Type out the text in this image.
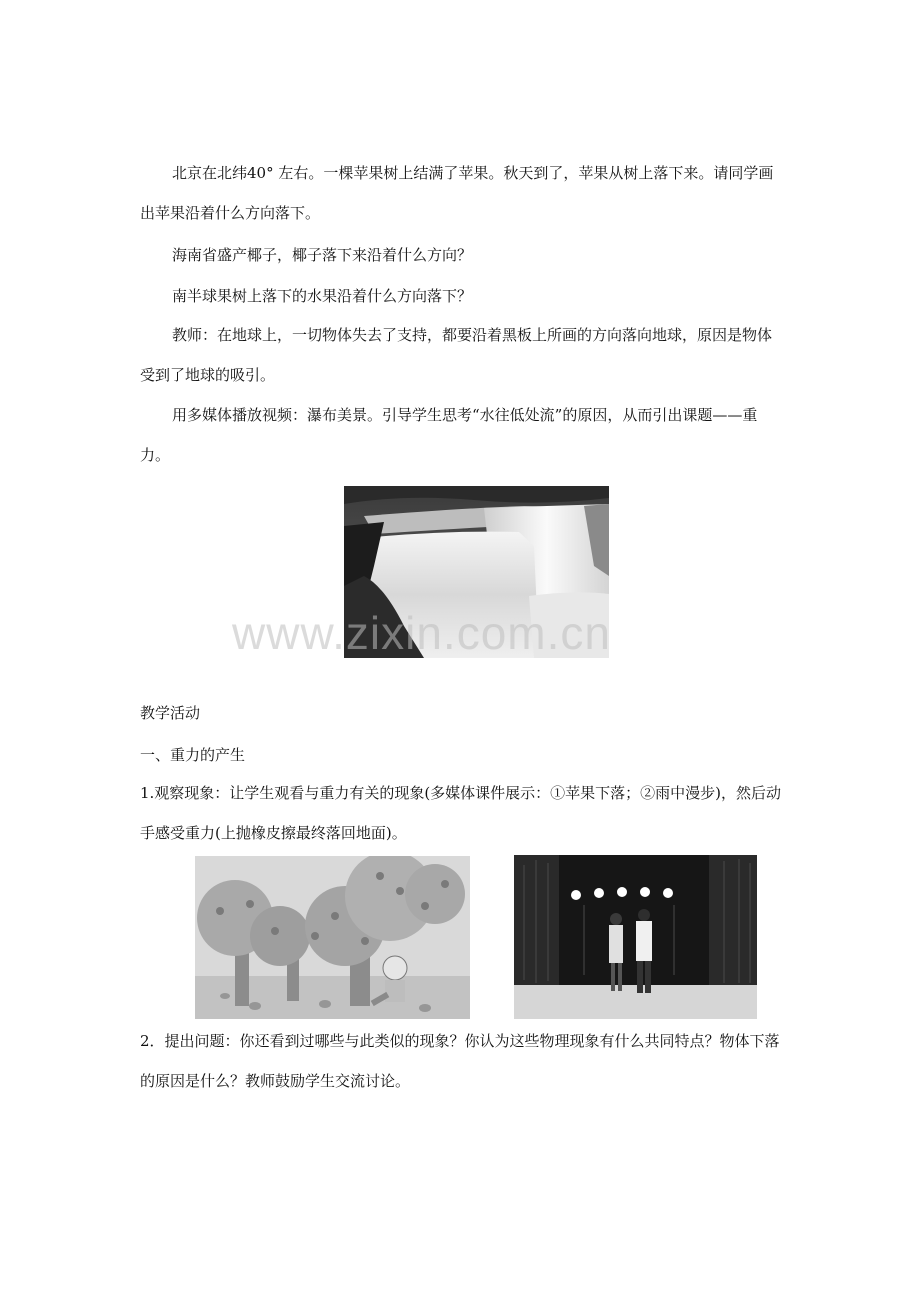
北京在北纬40° 左右。一棵苹果树上结满了苹果。秋天到了，苹果从树上落下来。请同学画出苹果沿着什么方向落下。

海南省盛产椰子，椰子落下来沿着什么方向？

南半球果树上落下的水果沿着什么方向落下？

教师：在地球上，一切物体失去了支持，都要沿着黑板上所画的方向落向地球，原因是物体受到了地球的吸引。

用多媒体播放视频：瀑布美景。引导学生思考“水往低处流”的原因，从而引出课题——重力。

www.zixin.com.cn

教学活动

一、重力的产生

1.观察现象：让学生观看与重力有关的现象(多媒体课件展示：①苹果下落；②雨中漫步)，然后动手感受重力(上抛橡皮擦最终落回地面)。

2．提出问题：你还看到过哪些与此类似的现象？你认为这些物理现象有什么共同特点？物体下落的原因是什么？教师鼓励学生交流讨论。
